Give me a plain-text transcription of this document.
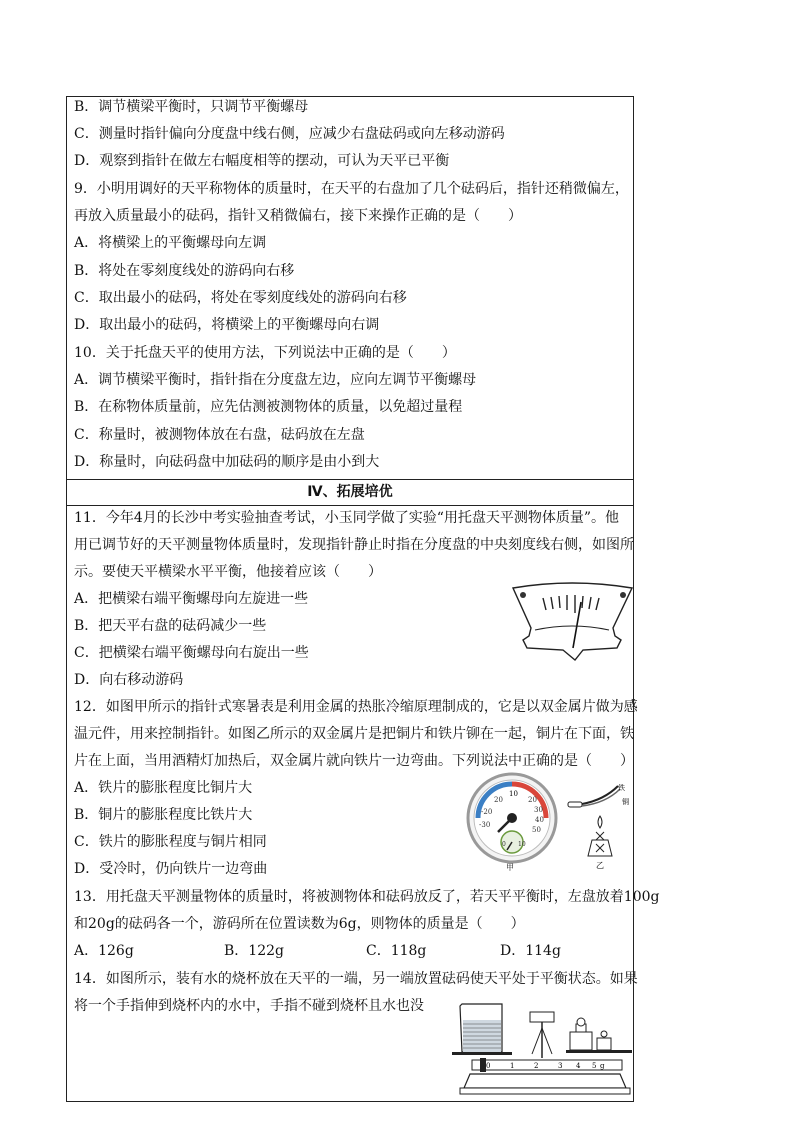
B．调节横梁平衡时，只调节平衡螺母
C．测量时指针偏向分度盘中线右侧，应减少右盘砝码或向左移动游码
D．观察到指针在做左右幅度相等的摆动，可认为天平已平衡
9．小明用调好的天平称物体的质量时，在天平的右盘加了几个砝码后，指针还稍微偏左，
再放入质量最小的砝码，指针又稍微偏右，接下来操作正确的是（　　）
A．将横梁上的平衡螺母向左调
B．将处在零刻度线处的游码向右移
C．取出最小的砝码，将处在零刻度线处的游码向右移
D．取出最小的砝码，将横梁上的平衡螺母向右调
10．关于托盘天平的使用方法，下列说法中正确的是（　　）
A．调节横梁平衡时，指针指在分度盘左边，应向左调节平衡螺母
B．在称物体质量前，应先估测被测物体的质量，以免超过量程
C．称量时，被测物体放在右盘，砝码放在左盘
D．称量时，向砝码盘中加砝码的顺序是由小到大
Ⅳ、拓展培优
11．今年4月的长沙中考实验抽查考试，小玉同学做了实验“用托盘天平测物体质量”。他
用已调节好的天平测量物体质量时，发现指针静止时指在分度盘的中央刻度线右侧，如图所
示。要使天平横梁水平平衡，他接着应该（　　）
A．把横梁右端平衡螺母向左旋进一些
B．把天平右盘的砝码减少一些
C．把横梁右端平衡螺母向右旋出一些
D．向右移动游码
12．如图甲所示的指针式寒暑表是利用金属的热胀冷缩原理制成的，它是以双金属片做为感
温元件，用来控制指针。如图乙所示的双金属片是把铜片和铁片铆在一起，铜片在下面，铁
片在上面，当用酒精灯加热后，双金属片就向铁片一边弯曲。下列说法中正确的是（　　）
A．铁片的膨胀程度比铜片大
B．铜片的膨胀程度比铁片大
C．铁片的膨胀程度与铜片相同
D．受冷时，仍向铁片一边弯曲
13．用托盘天平测量物体的质量时，将被测物体和砝码放反了，若天平平衡时，左盘放着100g
和20g的砝码各一个，游码所在位置读数为6g，则物体的质量是（　　）
A．126g	B．122g	C．118g	D．114g
14．如图所示，装有水的烧杯放在天平的一端，另一端放置砝码使天平处于平衡状态。如果
将一个手指伸到烧杯内的水中，手指不碰到烧杯且水也没
10
-20
-30
20	20
30
40
50
0 10
甲
铁
铜
乙
0	1	2	3 4 5 g
